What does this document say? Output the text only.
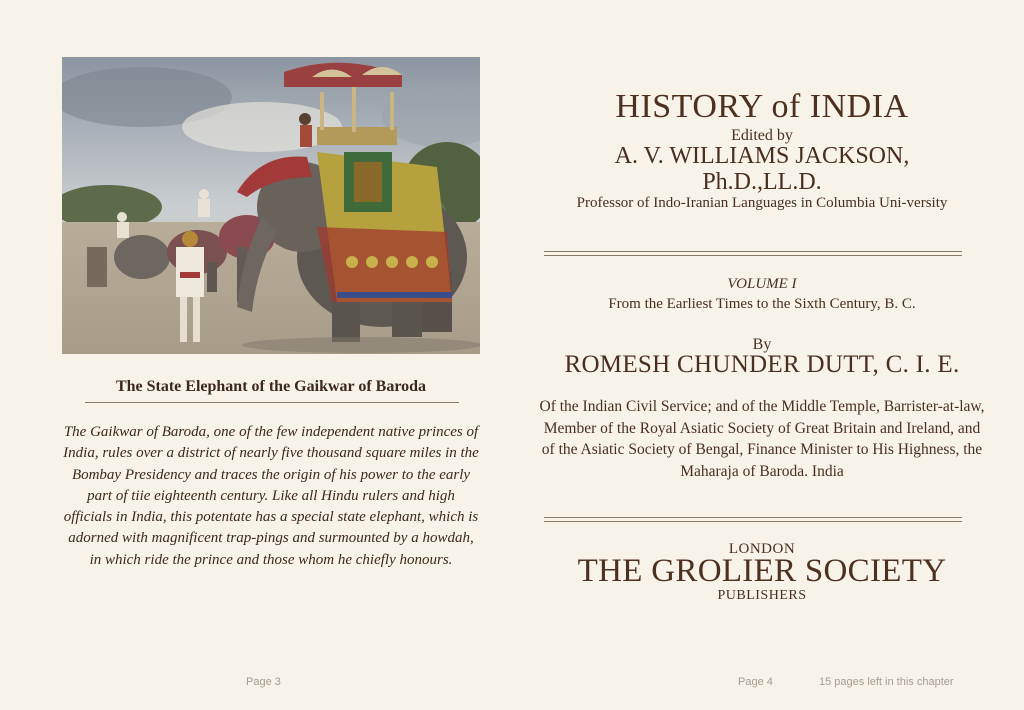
The State Elephant of the Gaikwar of Baroda
The Gaikwar of Baroda, one of the few independent native princes of India, rules over a district of nearly five thousand square miles in the Bombay Presidency and traces the origin of his power to the early part of tiie eighteenth century. Like all Hindu rulers and high officials in India, this potentate has a special state elephant, which is adorned with magnificent trap-pings and surmounted by a howdah, in which ride the prince and those whom he chiefly honours.
Page 3
HISTORY of INDIA
Edited by
A. V. WILLIAMS JACKSON,
Ph.D.,LL.D.
Professor of Indo-Iranian Languages in Columbia Uni-versity
VOLUME I
From the Earliest Times to the Sixth Century, B. C.
By
ROMESH CHUNDER DUTT, C. I. E.
Of the Indian Civil Service; and of the Middle Temple, Barrister-at-law, Member of the Royal Asiatic Society of Great Britain and Ireland, and of the Asiatic Society of Bengal, Finance Minister to His Highness, the Maharaja of Baroda. India
LONDON
THE GROLIER SOCIETY
PUBLISHERS
Page 4	15 pages left in this chapter
